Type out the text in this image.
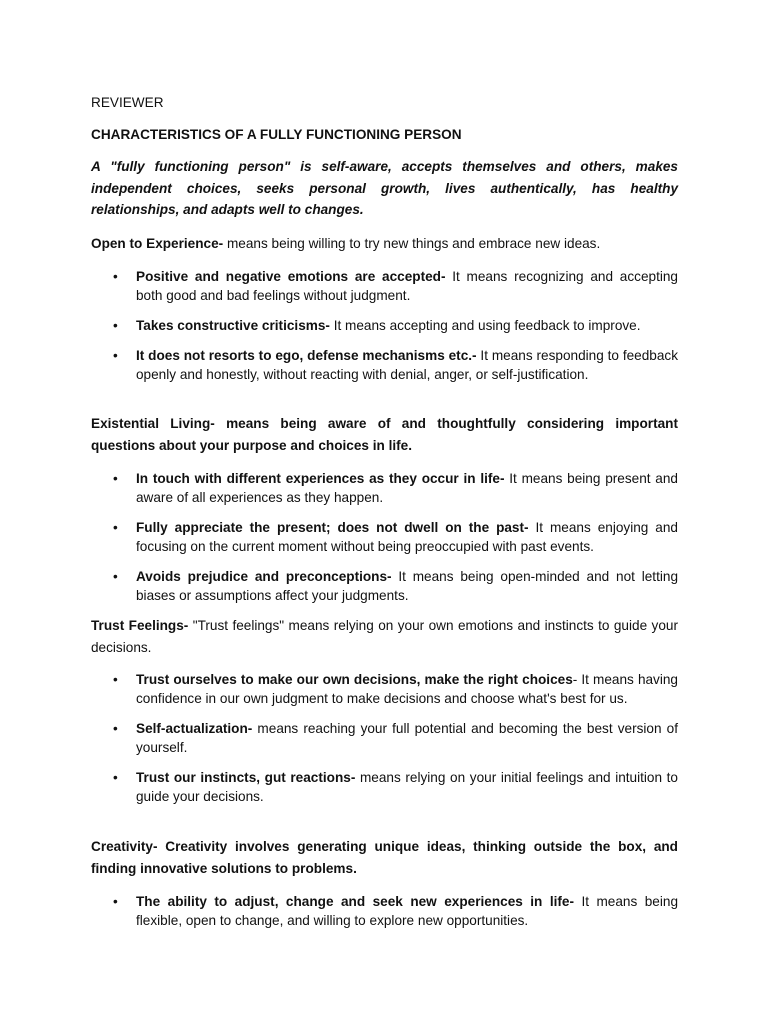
REVIEWER

CHARACTERISTICS OF A FULLY FUNCTIONING PERSON

A "fully functioning person" is self-aware, accepts themselves and others, makes independent choices, seeks personal growth, lives authentically, has healthy relationships, and adapts well to changes.

Open to Experience- means being willing to try new things and embrace new ideas.

• Positive and negative emotions are accepted- It means recognizing and accepting both good and bad feelings without judgment.
• Takes constructive criticisms- It means accepting and using feedback to improve.
• It does not resorts to ego, defense mechanisms etc.- It means responding to feedback openly and honestly, without reacting with denial, anger, or self-justification.

Existential Living- means being aware of and thoughtfully considering important questions about your purpose and choices in life.

• In touch with different experiences as they occur in life- It means being present and aware of all experiences as they happen.
• Fully appreciate the present; does not dwell on the past- It means enjoying and focusing on the current moment without being preoccupied with past events.
• Avoids prejudice and preconceptions- It means being open-minded and not letting biases or assumptions affect your judgments.

Trust Feelings- "Trust feelings" means relying on your own emotions and instincts to guide your decisions.

• Trust ourselves to make our own decisions, make the right choices- It means having confidence in our own judgment to make decisions and choose what's best for us.
• Self-actualization- means reaching your full potential and becoming the best version of yourself.
• Trust our instincts, gut reactions- means relying on your initial feelings and intuition to guide your decisions.

Creativity- Creativity involves generating unique ideas, thinking outside the box, and finding innovative solutions to problems.

• The ability to adjust, change and seek new experiences in life- It means being flexible, open to change, and willing to explore new opportunities.
